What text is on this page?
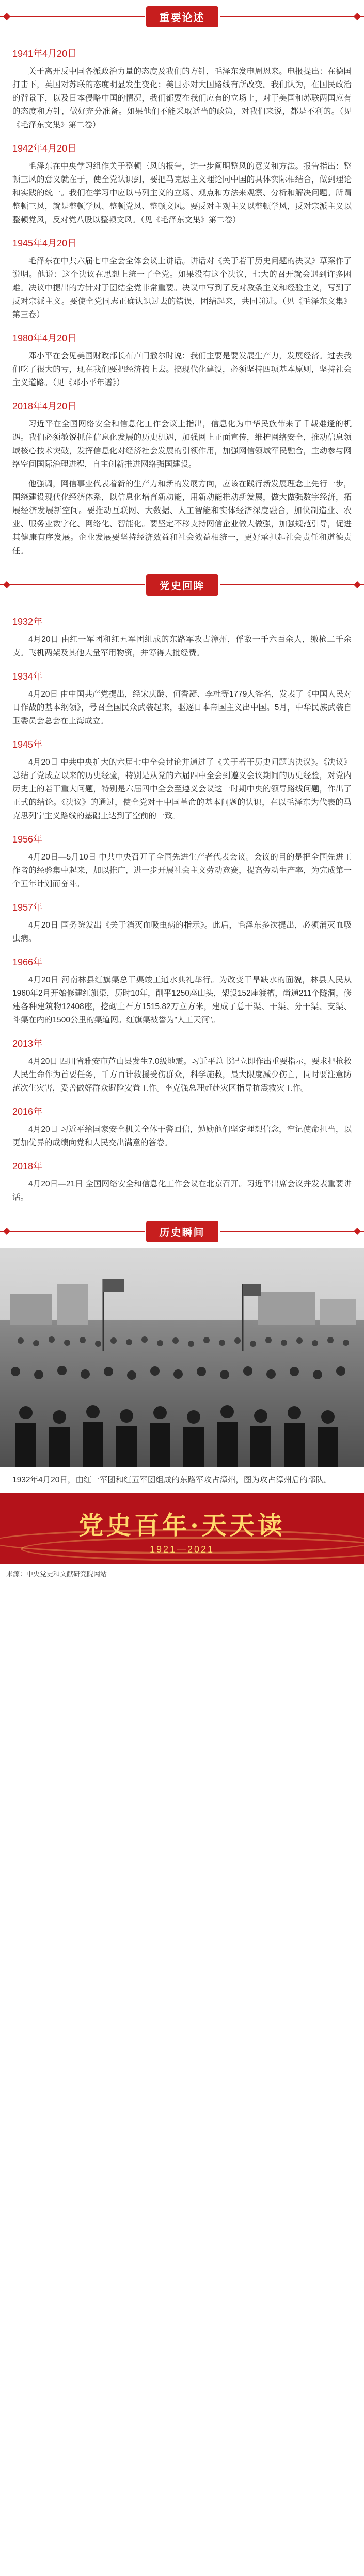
重要论述
1941年4月20日

关于离开反中国各派政治力量的态度及我们的方针，毛泽东发电周恩来。电报提出：在德国打击下，英国对苏联的态度明显发生变化；美国亦对大国路线有所改变。我们认为，在国民政治的背景下，以及日本侵略中国的情况，我们都要在我们应有的立场上，对于美国和苏联两国应有的态度和方针，做好充分准备。如果他们不能采取适当的政策，对我们来说，都是不利的。（见《毛泽东文集》第二卷）

1942年4月20日

毛泽东在中央学习组作关于整顿三风的报告，进一步阐明整风的意义和方法。报告指出：整顿三风的意义就在于，使全党认识到，要把马克思主义理论同中国的具体实际相结合，做到理论和实践的统一。我们在学习中应以马列主义的立场、观点和方法来观察、分析和解决问题。所谓整顿三风，就是整顿学风、整顿党风、整顿文风。要反对主观主义以整顿学风，反对宗派主义以整顿党风，反对党八股以整顿文风。（见《毛泽东文集》第二卷）

1945年4月20日

毛泽东在中共六届七中全会全体会议上讲话。讲话对《关于若干历史问题的决议》草案作了说明。他说：这个决议在思想上统一了全党。如果没有这个决议，七大的召开就会遇到许多困难。决议中提出的方针对于团结全党非常重要。决议中写到了反对教条主义和经验主义，写到了反对宗派主义。要使全党同志正确认识过去的错误，团结起来，共同前进。（见《毛泽东文集》第三卷）

1980年4月20日

邓小平在会见美国财政部长布卢门撒尔时说：我们主要是要发展生产力，发展经济。过去我们吃了很大的亏，现在我们要把经济搞上去。搞现代化建设，必须坚持四项基本原则，坚持社会主义道路。（见《邓小平年谱》）

2018年4月20日

习近平在全国网络安全和信息化工作会议上指出，信息化为中华民族带来了千载难逢的机遇。我们必须敏锐抓住信息化发展的历史机遇，加强网上正面宣传，维护网络安全，推动信息领域核心技术突破，发挥信息化对经济社会发展的引领作用，加强网信领域军民融合，主动参与网络空间国际治理进程，自主创新推进网络强国建设。

他强调，网信事业代表着新的生产力和新的发展方向，应该在践行新发展理念上先行一步，围绕建设现代化经济体系，以信息化培育新动能，用新动能推动新发展，做大做强数字经济，拓展经济发展新空间。要推动互联网、大数据、人工智能和实体经济深度融合，加快制造业、农业、服务业数字化、网络化、智能化。要坚定不移支持网信企业做大做强，加强规范引导，促进其健康有序发展。企业发展要坚持经济效益和社会效益相统一，更好承担起社会责任和道德责任。

党史回眸
1932年

4月20日 由红一军团和红五军团组成的东路军攻占漳州，俘敌一千六百余人，缴枪二千余支。飞机两架及其他大量军用物资，并筹得大批经费。

1934年

4月20日 由中国共产党提出，经宋庆龄、何香凝、李杜等1779人签名，发表了《中国人民对日作战的基本纲领》，号召全国民众武装起来，驱逐日本帝国主义出中国。5月，中华民族武装自卫委员会总会在上海成立。

1945年

4月20日 中共中央扩大的六届七中全会讨论并通过了《关于若干历史问题的决议》。《决议》总结了党成立以来的历史经验，特别是从党的六届四中全会到遵义会议期间的历史经验，对党内历史上的若干重大问题，特别是六届四中全会至遵义会议这一时期中央的领导路线问题，作出了正式的结论。《决议》的通过，使全党对于中国革命的基本问题的认识，在以毛泽东为代表的马克思列宁主义路线的基础上达到了空前的一致。

1956年

4月20日—5月10日 中共中央召开了全国先进生产者代表会议。会议的目的是把全国先进工作者的经验集中起来，加以推广，进一步开展社会主义劳动竞赛，提高劳动生产率，为完成第一个五年计划而奋斗。

1957年

4月20日 国务院发出《关于消灭血吸虫病的指示》。此后，毛泽东多次提出，必须消灭血吸虫病。

1966年

4月20日 河南林县红旗渠总干渠竣工通水典礼举行。为改变干旱缺水的面貌，林县人民从1960年2月开始修建红旗渠，历时10年，削平1250座山头，架设152座渡槽，凿通211个隧洞，修建各种建筑物12408座，挖砌土石方1515.82万立方米，建成了总干渠、干渠、分干渠、支渠、斗渠在内的1500公里的渠道网。红旗渠被誉为"人工天河"。

2013年

4月20日 四川省雅安市芦山县发生7.0级地震。习近平总书记立即作出重要指示，要求把抢救人民生命作为首要任务，千方百计救援受伤群众，科学施救，最大限度减少伤亡，同时要注意防范次生灾害，妥善做好群众避险安置工作。李克强总理赶赴灾区指导抗震救灾工作。

2016年

4月20日 习近平给国家安全机关全体干警回信，勉励他们坚定理想信念，牢记使命担当，以更加优异的成绩向党和人民交出满意的答卷。

2018年

4月20日—21日 全国网络安全和信息化工作会议在北京召开。习近平出席会议并发表重要讲话。

历史瞬间
1932年4月20日，由红一军团和红五军团组成的东路军攻占漳州，图为攻占漳州后的部队。
党史百年·天天读
1921—2021
来源：中央党史和文献研究院网站
